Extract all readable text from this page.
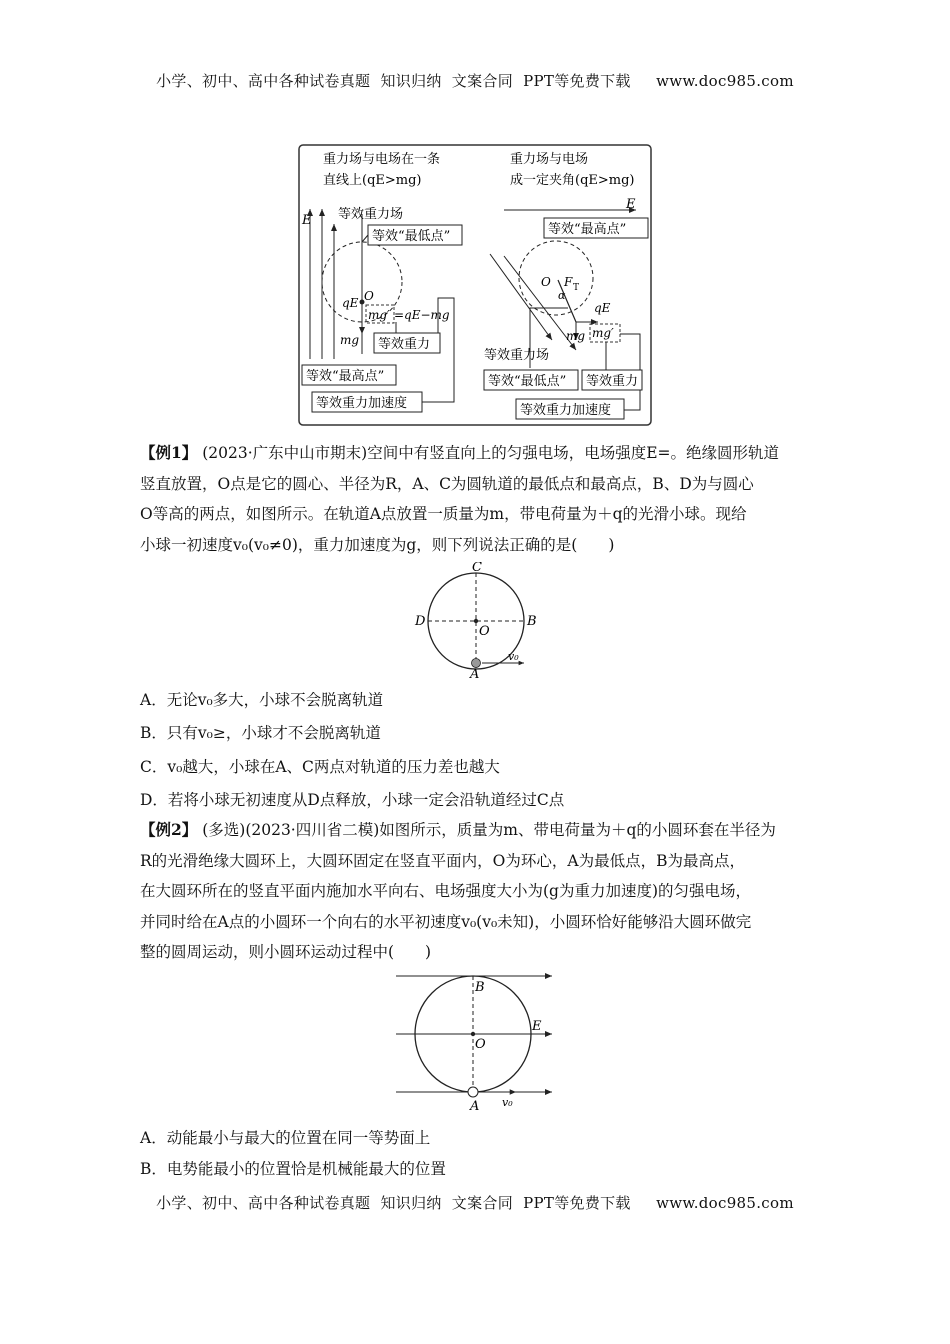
小学、初中、高中各种试卷真题  知识归纳  文案合同  PPT等免费下载     www.doc985.com
重力场与电场在一条
直线上(qE>mg)
重力场与电场
成一定夹角(qE>mg)
E 等效重力场
等效“最低点”
O
qE
mg
mg′ =qE−mg
等效重力
等效“最高点”
等效重力加速度
E
等效“最高点”
O F T
α
qE
mg mg′
等效重力场
等效“最低点” 等效重力
等效重力加速度
【例1】 (2023·广东中山市期末)空间中有竖直向上的匀强电场，电场强度E=。绝缘圆形轨道
竖直放置，O点是它的圆心、半径为R，A、C为圆轨道的最低点和最高点，B、D为与圆心
O等高的两点，如图所示。在轨道A点放置一质量为m，带电荷量为＋q的光滑小球。现给
小球一初速度v₀(v₀≠0)，重力加速度为g，则下列说法正确的是(　　)
C
D	B
O
A
v₀
A．无论v₀多大，小球不会脱离轨道
B．只有v₀≥，小球才不会脱离轨道
C．v₀越大，小球在A、C两点对轨道的压力差也越大
D．若将小球无初速度从D点释放，小球一定会沿轨道经过C点
【例2】 (多选)(2023·四川省二模)如图所示，质量为m、带电荷量为＋q的小圆环套在半径为
R的光滑绝缘大圆环上，大圆环固定在竖直平面内，O为环心，A为最低点，B为最高点，
在大圆环所在的竖直平面内施加水平向右、电场强度大小为(g为重力加速度)的匀强电场，
并同时给在A点的小圆环一个向右的水平初速度v₀(v₀未知)，小圆环恰好能够沿大圆环做完
整的圆周运动，则小圆环运动过程中(　　)
B
E
O
A v₀
A．动能最小与最大的位置在同一等势面上
B．电势能最小的位置恰是机械能最大的位置
小学、初中、高中各种试卷真题  知识归纳  文案合同  PPT等免费下载     www.doc985.com
